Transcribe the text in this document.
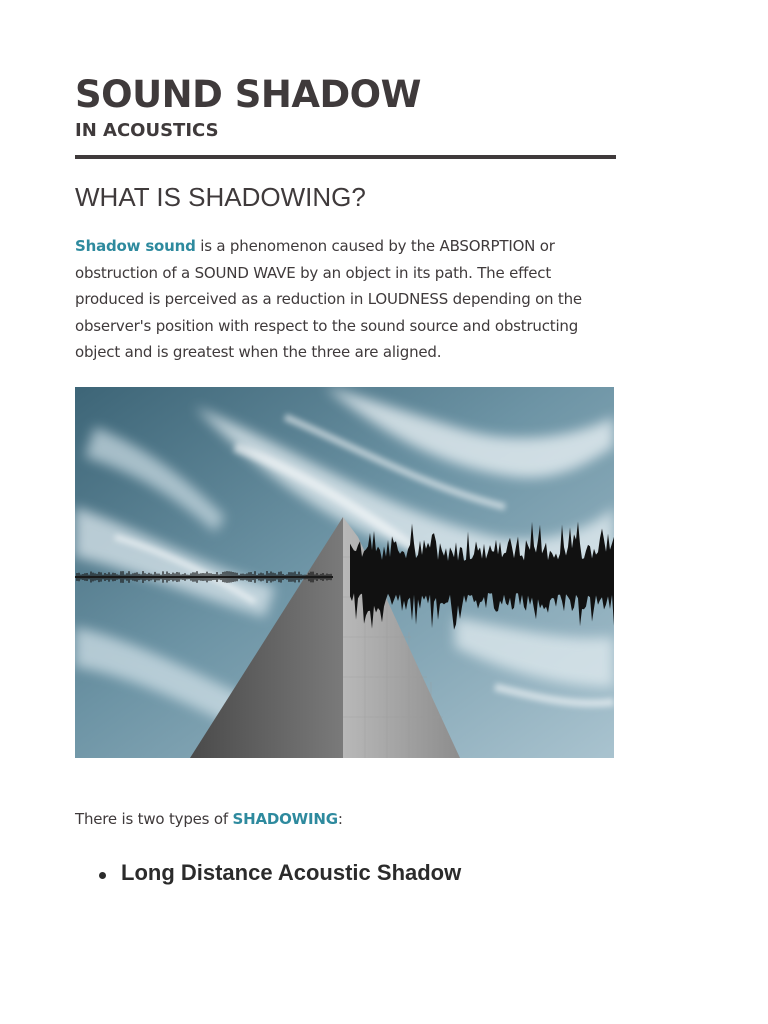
SOUND SHADOW
IN ACOUSTICS
WHAT IS SHADOWING?

Shadow sound is a phenomenon caused by the ABSORPTION or obstruction of a SOUND WAVE by an object in its path. The effect produced is perceived as a reduction in LOUDNESS depending on the observer's position with respect to the sound source and obstructing object and is greatest when the three are aligned.

There is two types of SHADOWING:

Long Distance Acoustic Shadow
